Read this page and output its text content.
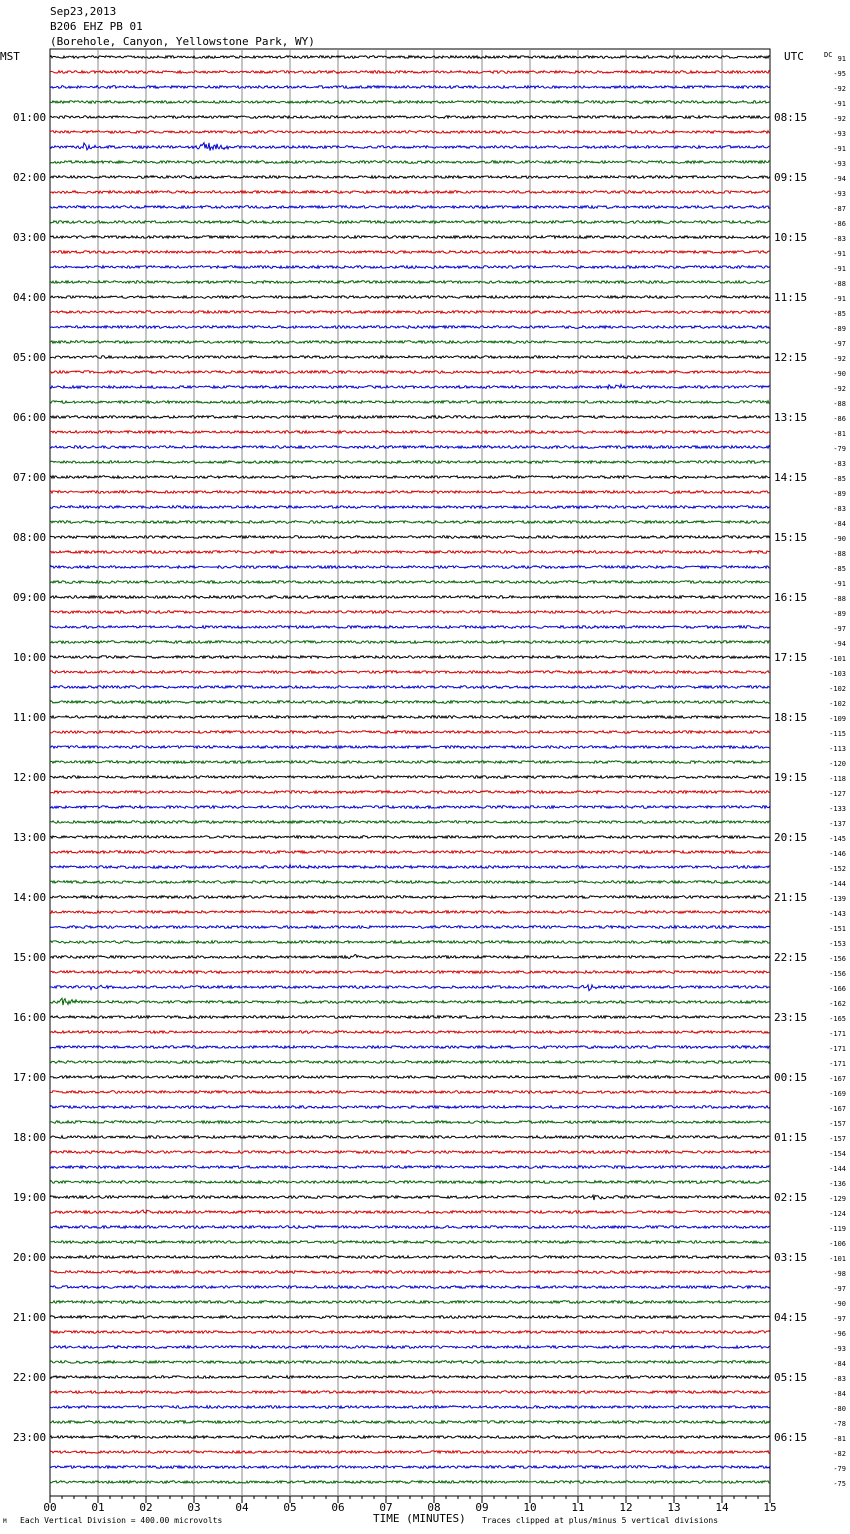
Sep23,2013
B206 EHZ PB 01
(Borehole, Canyon, Yellowstone Park, WY)
MST	UTC	DC 91
-95
-92
-91
-92
-93
-91
-93
-94
-93
-87
-86
-83
-91
-91
-88
-91
-85
-89
-97
-92
-90
-92
-88
-86
-81
-79
-83
-85
-89
-83
-84
-90
-88
-85
-91
-88
-89
-97
-94
-101
-103
-102
-102
-109
-115
-113
-120
-118
-127
-133
-137
-145
-146
-152
-144
-139
-143
-151
-153
-156
-156
-166
-162
-165
-171
-171
-171
-167
-169
-167
-157
-157
-154
-144
-136
-129
-124
-119
-106
-101
-98
-97
-90
-97
-96
-93
-84
-83
-84
-80
-78
-81
-82
-79
-75
01:00	08:15
02:00	09:15
03:00	10:15
04:00	11:15
05:00	12:15
06:00	13:15
07:00	14:15
08:00	15:15
09:00	16:15
10:00	17:15
11:00	18:15
12:00	19:15
13:00	20:15
14:00	21:15
15:00	22:15
16:00	23:15
17:00	00:15
18:00	01:15
19:00	02:15
20:00	03:15
21:00	04:15
22:00	05:15
23:00	06:15
00	01	02	03	04	05	06	07	08	09	10	11	12	13	14	15
M Each Vertical Division = 400.00 microvolts	TIME (MINUTES) Traces clipped at plus/minus 5 vertical divisions
